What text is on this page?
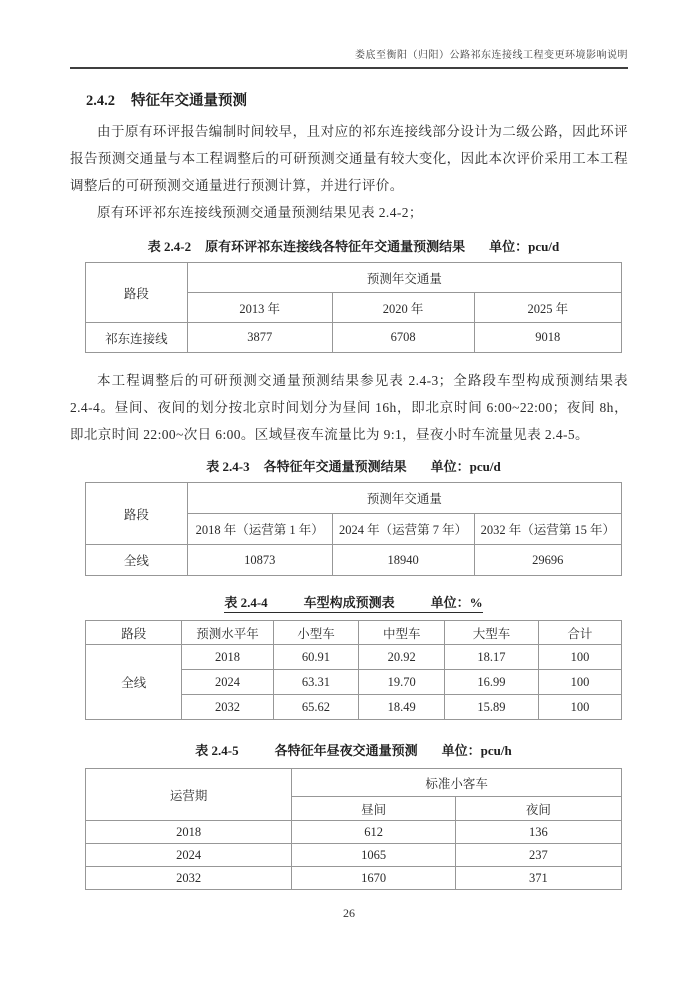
娄底至衡阳（归阳）公路祁东连接线工程变更环境影响说明
2.4.2 特征年交通量预测

由于原有环评报告编制时间较早，且对应的祁东连接线部分设计为二级公路，因此环评报告预测交通量与本工程调整后的可研预测交通量有较大变化，因此本次评价采用工本工程调整后的可研预测交通量进行预测计算，并进行评价。

原有环评祁东连接线预测交通量预测结果见表 2.4-2；

表 2.4-2 原有环评祁东连接线各特征年交通量预测结果 单位：pcu/d
路段	预测年交通量		
	2013 年	2020 年	2025 年
祁东连接线	3877	6708	9018

本工程调整后的可研预测交通量预测结果参见表 2.4-3；全路段车型构成预测结果表 2.4-4。昼间、夜间的划分按北京时间划分为昼间 16h，即北京时间 6:00~22:00；夜间 8h，即北京时间 22:00~次日 6:00。区域昼夜车流量比为 9:1，昼夜小时车流量见表 2.4-5。

表 2.4-3 各特征年交通量预测结果 单位：pcu/d
路段	预测年交通量		
	2018 年（运营第 1 年）	2024 年（运营第 7 年）	2032 年（运营第 15 年）
全线	10873	18940	29696
表 2.4-4	车型构成预测表	单位：%
路段	预测水平年	小型车	中型车	大型车	合计
全线	2018	60.91	20.92	18.17	100
	2024	63.31	19.70	16.99	100
	2032	65.62	18.49	15.89	100
表 2.4-5	各特征年昼夜交通量预测 单位：pcu/h
运营期	标准小客车	
	昼间	夜间
2018	612	136
2024	1065	237
2032	1670	371
26
